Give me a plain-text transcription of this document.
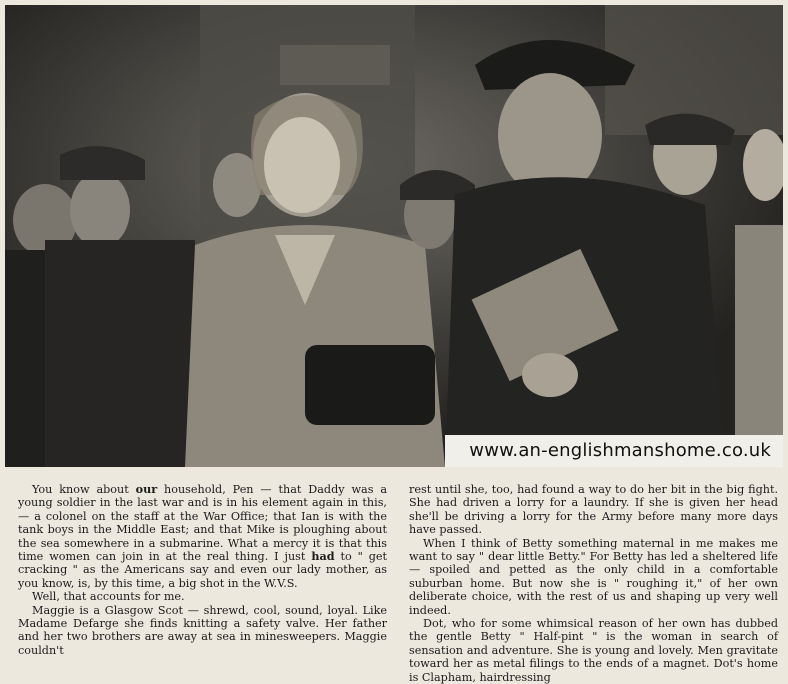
www.an-englishmanshome.co.uk

You know about our household, Pen — that Daddy was a young soldier in the last war and is in his element again in this, — a colonel on the staff at the War Office; that Ian is with the tank boys in the Middle East; and that Mike is ploughing about the sea somewhere in a submarine. What a mercy it is that this time women can join in at the real thing. I just had to " get cracking " as the Americans say and even our lady mother, as you know, is, by this time, a big shot in the W.V.S.

Well, that accounts for me.

Maggie is a Glasgow Scot — shrewd, cool, sound, loyal. Like Madame Defarge she finds knitting a safety valve. Her father and her two brothers are away at sea in minesweepers. Maggie couldn't

rest until she, too, had found a way to do her bit in the big fight. She had driven a lorry for a laundry. If she is given her head she'll be driving a lorry for the Army before many more days have passed.

When I think of Betty something maternal in me makes me want to say " dear little Betty." For Betty has led a sheltered life — spoiled and petted as the only child in a comfortable suburban home. But now she is " roughing it," of her own deliberate choice, with the rest of us and shaping up very well indeed.

Dot, who for some whimsical reason of her own has dubbed the gentle Betty " Half-pint " is the woman in search of sensation and adventure. She is young and lovely. Men gravitate toward her as metal filings to the ends of a magnet. Dot's home is Clapham, hairdressing
